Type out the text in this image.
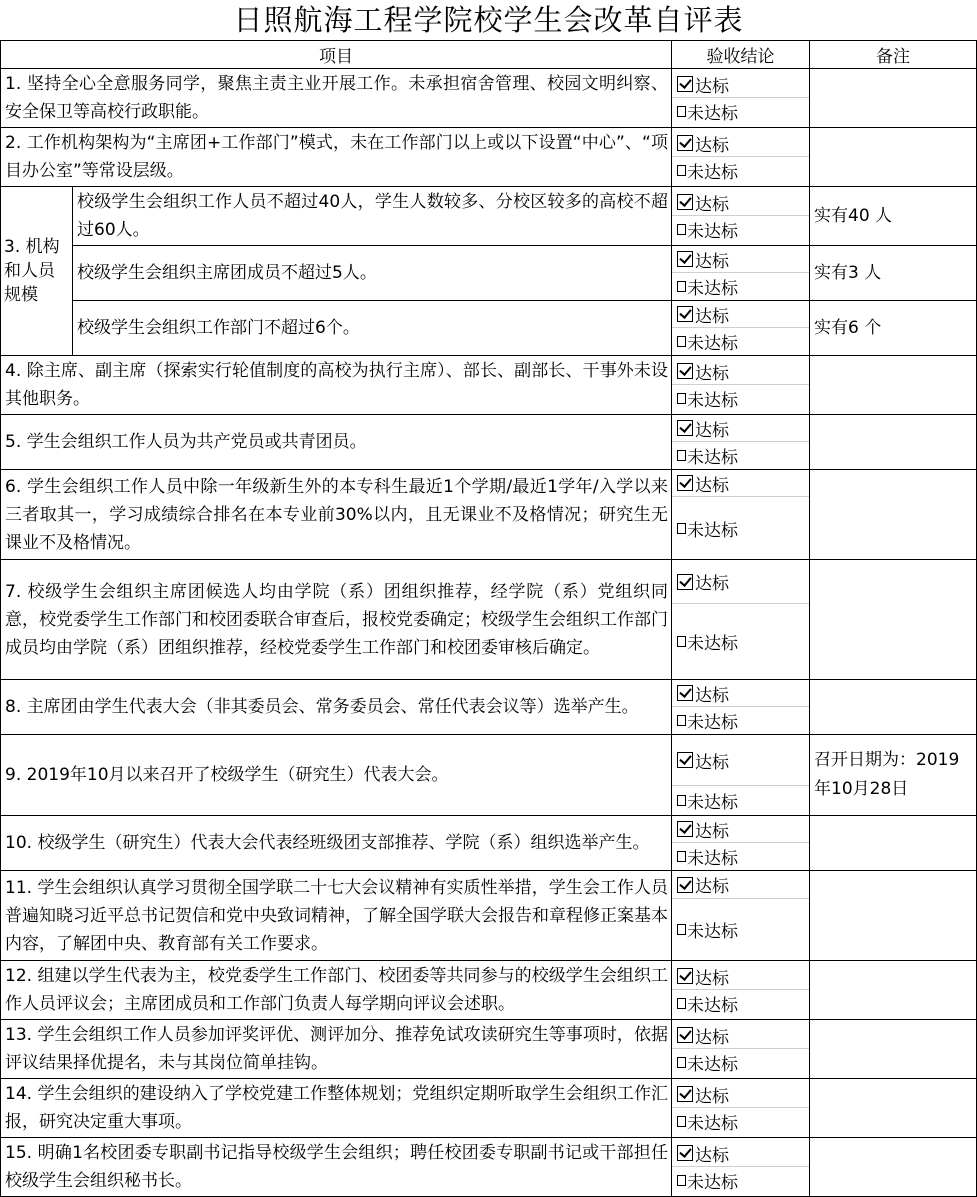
日照航海工程学院校学生会改革自评表
项目		验收结论	备注
1. 坚持全心全意服务同学，聚焦主责主业开展工作。未承担宿舍管理、校园文明纠察、安全保卫等高校行政职能。		达标
未达标	

2. 工作机构架构为“主席团+工作部门”模式，未在工作部门以上或以下设置“中心”、“项目办公室”等常设层级。		达标
未达标	

3. 机构和人员规模	校级学生会组织工作人员不超过40人，学生人数较多、分校区较多的高校不超过60人。	达标
未达标	实有40 人
	校级学生会组织主席团成员不超过5人。	达标
未达标	实有3 人
	校级学生会组织工作部门不超过6个。	达标
未达标	实有6 个
4. 除主席、副主席（探索实行轮值制度的高校为执行主席）、部长、副部长、干事外未设其他职务。		达标
未达标	

5. 学生会组织工作人员为共产党员或共青团员。		达标
未达标	

6. 学生会组织工作人员中除一年级新生外的本专科生最近1个学期/最近1学年/入学以来三者取其一，学习成绩综合排名在本专业前30%以内，且无课业不及格情况；研究生无课业不及格情况。		达标
未达标	

7. 校级学生会组织主席团候选人均由学院（系）团组织推荐，经学院（系）党组织同意，校党委学生工作部门和校团委联合审查后，报校党委确定；校级学生会组织工作部门成员均由学院（系）团组织推荐，经校党委学生工作部门和校团委审核后确定。		达标
未达标	

8. 主席团由学生代表大会（非其委员会、常务委员会、常任代表会议等）选举产生。		达标
未达标	

9. 2019年10月以来召开了校级学生（研究生）代表大会。		达标
未达标	召开日期为：2019年10月28日
10. 校级学生（研究生）代表大会代表经班级团支部推荐、学院（系）组织选举产生。		达标
未达标	

11. 学生会组织认真学习贯彻全国学联二十七大会议精神有实质性举措，学生会工作人员普遍知晓习近平总书记贺信和党中央致词精神，了解全国学联大会报告和章程修正案基本内容，了解团中央、教育部有关工作要求。		达标
未达标	

12. 组建以学生代表为主，校党委学生工作部门、校团委等共同参与的校级学生会组织工作人员评议会；主席团成员和工作部门负责人每学期向评议会述职。		达标
未达标	

13. 学生会组织工作人员参加评奖评优、测评加分、推荐免试攻读研究生等事项时，依据评议结果择优提名，未与其岗位简单挂钩。		达标
未达标	

14. 学生会组织的建设纳入了学校党建工作整体规划；党组织定期听取学生会组织工作汇报，研究决定重大事项。		达标
未达标	

15. 明确1名校团委专职副书记指导校级学生会组织；聘任校团委专职副书记或干部担任校级学生会组织秘书长。		达标
未达标	
